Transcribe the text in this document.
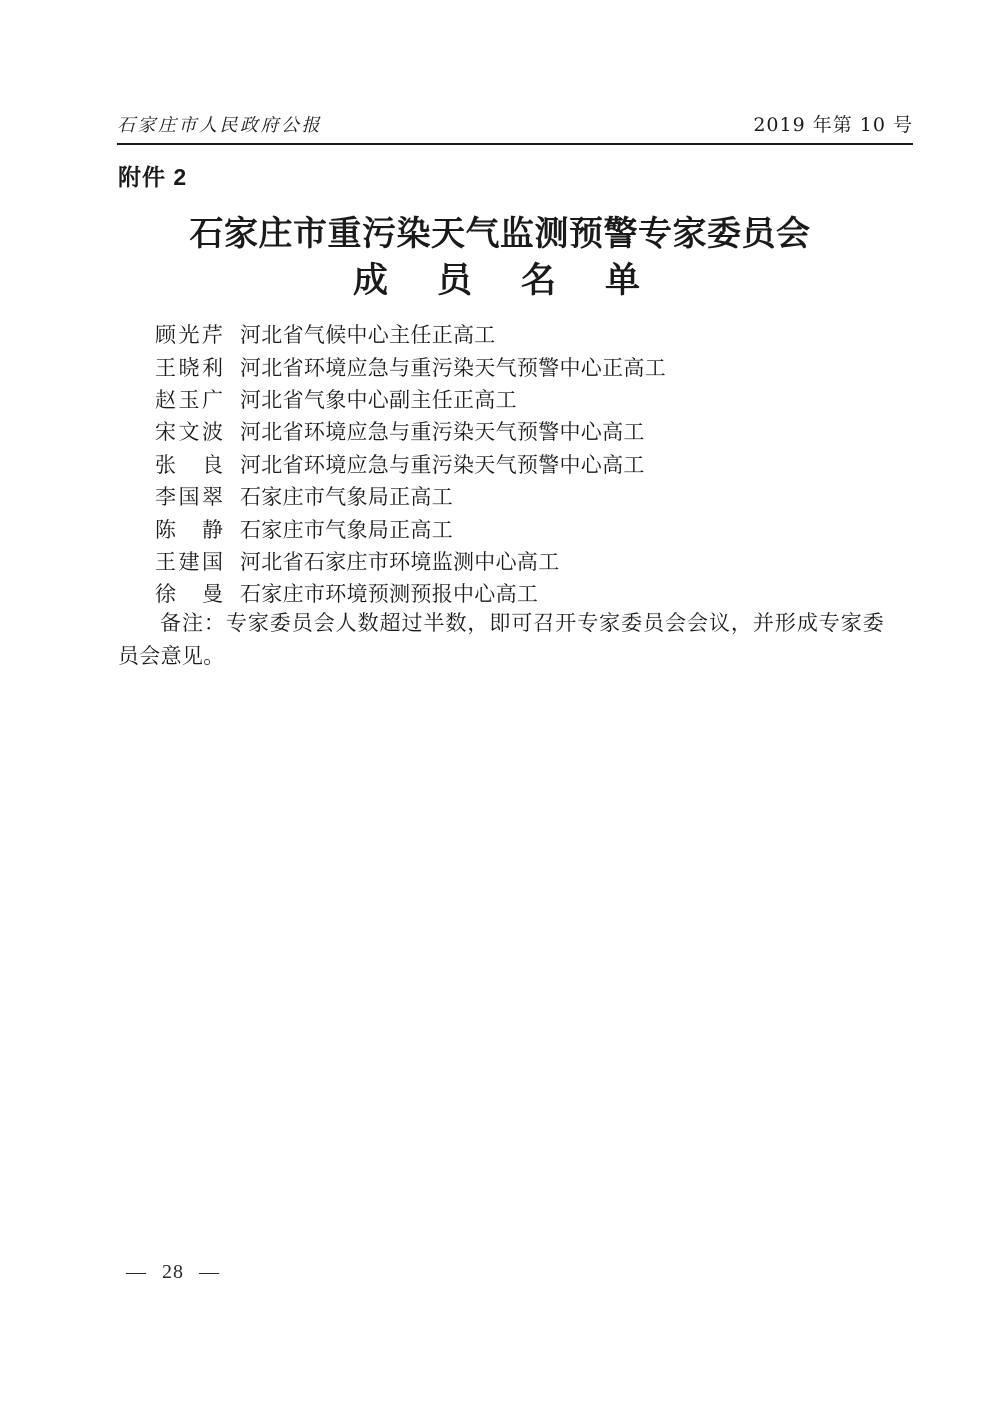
石家庄市人民政府公报	2019 年第 10 号
附件 2
石家庄市重污染天气监测预警专家委员会
成　员　名　单
顾 光 芹 河北省气候中心主任正高工
王 晓 利 河北省环境应急与重污染天气预警中心正高工
赵 玉 广 河北省气象中心副主任正高工
宋 文 波 河北省环境应急与重污染天气预警中心高工
张 良 河北省环境应急与重污染天气预警中心高工
李 国 翠 石家庄市气象局正高工
陈 静 石家庄市气象局正高工
王 建 国 河北省石家庄市环境监测中心高工
徐 曼 石家庄市环境预测预报中心高工

备注：专家委员会人数超过半数，即可召开专家委员会会议，并形成专家委员会意见。

— 28 —
